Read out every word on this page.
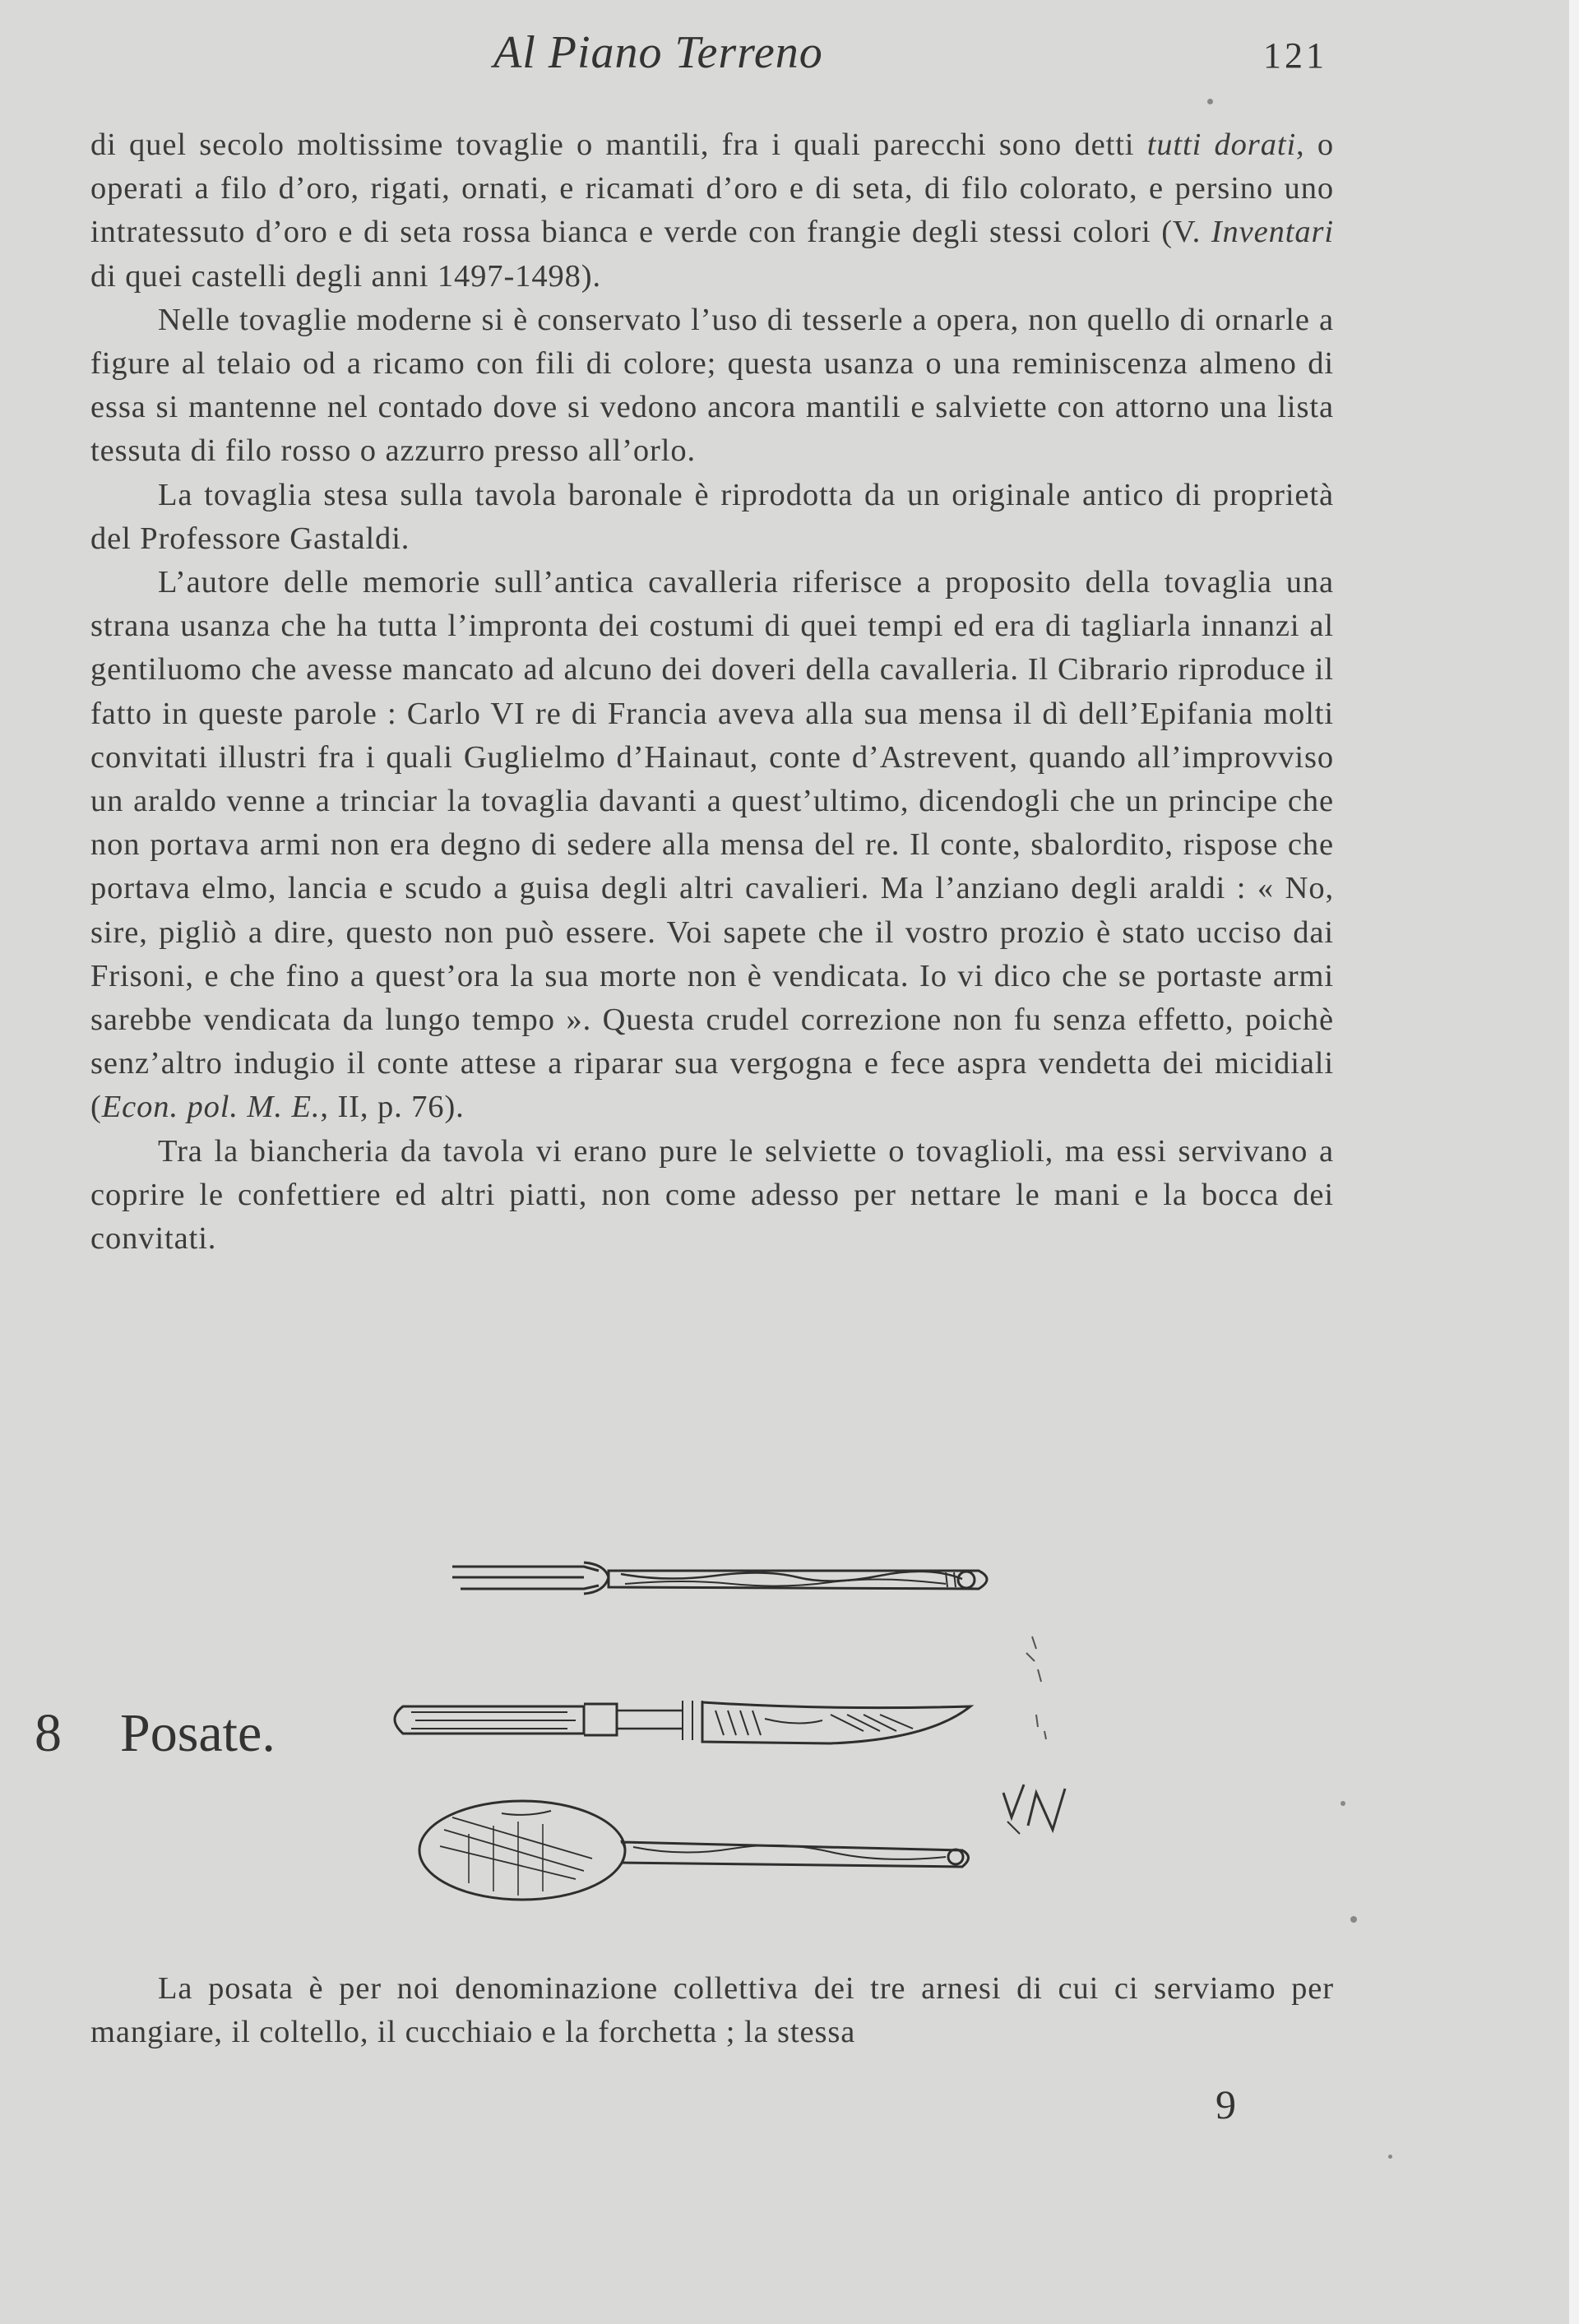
Al Piano Terreno	121

di quel secolo moltissime tovaglie o mantili, fra i quali parecchi sono detti tutti dorati, o operati a filo d’oro, rigati, ornati, e ricamati d’oro e di seta, di filo colorato, e persino uno intratessuto d’oro e di seta rossa bianca e verde con frangie degli stessi colori (V. Inventari di quei castelli degli anni 1497-1498).

Nelle tovaglie moderne si è conservato l’uso di tesserle a opera, non quello di ornarle a figure al telaio od a ricamo con fili di colore; questa usanza o una reminiscenza almeno di essa si mantenne nel contado dove si vedono ancora mantili e salviette con attorno una lista tessuta di filo rosso o azzurro presso all’orlo.

La tovaglia stesa sulla tavola baronale è riprodotta da un originale antico di proprietà del Professore Gastaldi.

L’autore delle memorie sull’antica cavalleria riferisce a proposito della tovaglia una strana usanza che ha tutta l’impronta dei costumi di quei tempi ed era di tagliarla innanzi al gentiluomo che avesse mancato ad alcuno dei doveri della cavalleria. Il Cibrario riproduce il fatto in queste parole : Carlo VI re di Francia aveva alla sua mensa il dì dell’Epifania molti convitati illustri fra i quali Guglielmo d’Hainaut, conte d’Astrevent, quando all’improvviso un araldo venne a trinciar la tovaglia davanti a quest’ultimo, dicendogli che un principe che non portava armi non era degno di sedere alla mensa del re. Il conte, sbalordito, rispose che portava elmo, lancia e scudo a guisa degli altri cavalieri. Ma l’anziano degli araldi : « No, sire, pigliò a dire, questo non può essere. Voi sapete che il vostro prozio è stato ucciso dai Frisoni, e che fino a quest’ora la sua morte non è vendicata. Io vi dico che se portaste armi sarebbe vendicata da lungo tempo ». Questa crudel correzione non fu senza effetto, poichè senz’altro indugio il conte attese a riparar sua vergogna e fece aspra vendetta dei micidiali (Econ. pol. M. E., II, p. 76).

Tra la biancheria da tavola vi erano pure le selviette o tovaglioli, ma essi servivano a coprire le confettiere ed altri piatti, non come adesso per nettare le mani e la bocca dei convitati.

8 Posate.

La posata è per noi denominazione collettiva dei tre arnesi di cui ci serviamo per mangiare, il coltello, il cucchiaio e la forchetta ; la stessa

9
